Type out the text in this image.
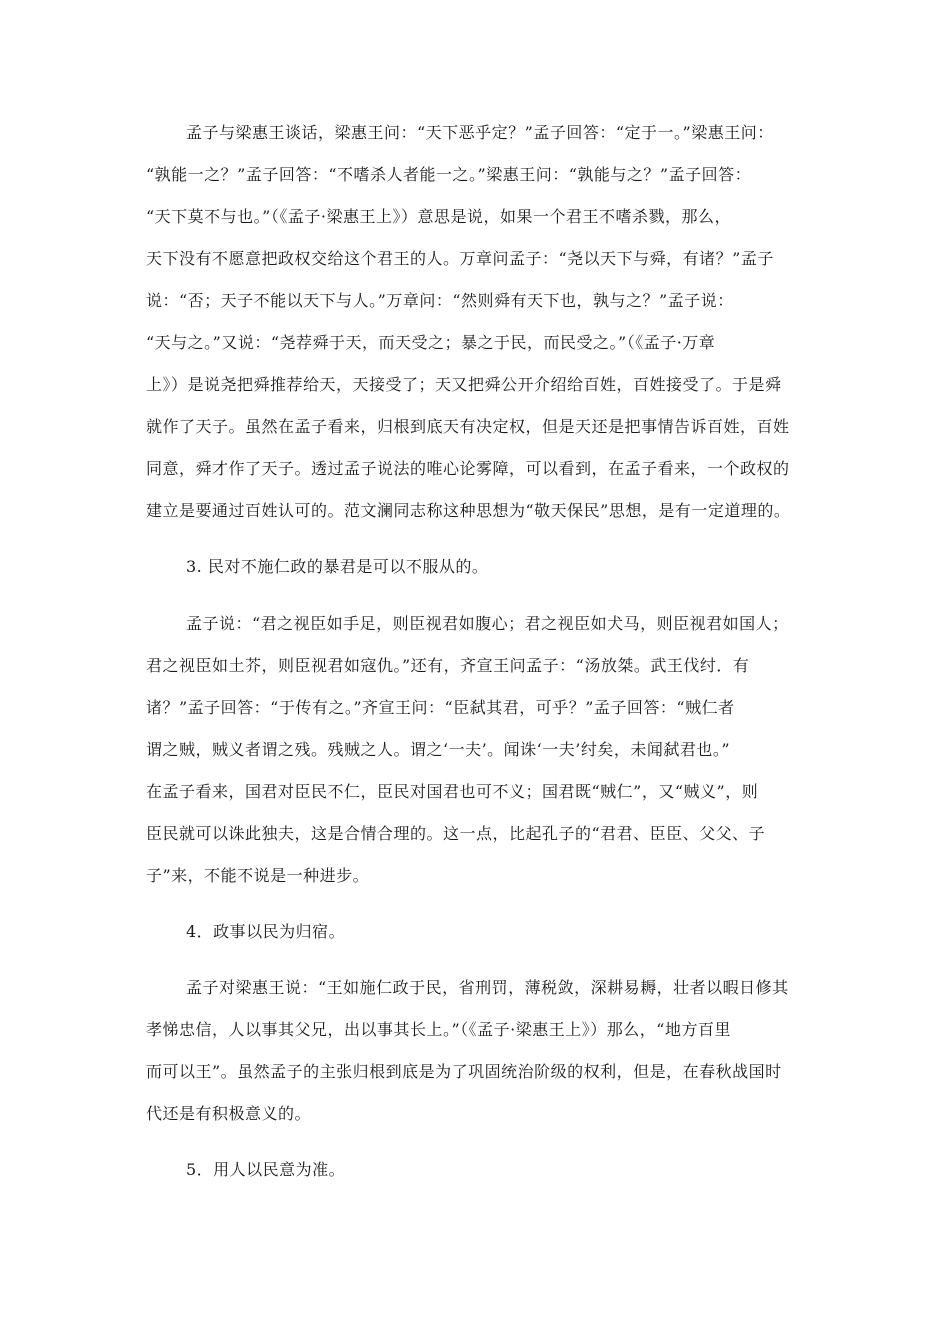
孟子与梁惠王谈话，梁惠王问：“天下恶乎定？”孟子回答：“定于一。”梁惠王问：
“孰能一之？”孟子回答：“不嗜杀人者能一之。”梁惠王问：“孰能与之？”孟子回答：
“天下莫不与也。”（《孟子·梁惠王上》）意思是说，如果一个君王不嗜杀戮，那么，
天下没有不愿意把政权交给这个君王的人。万章问孟子：“尧以天下与舜，有诸？”孟子
说：“否；天子不能以天下与人。”万章问：“然则舜有天下也，孰与之？”孟子说：
“天与之。”又说：“尧荐舜于天，而天受之；暴之于民，而民受之。”（《孟子·万章
上》）是说尧把舜推荐给天，天接受了；天又把舜公开介绍给百姓，百姓接受了。于是舜
就作了天子。虽然在孟子看来，归根到底天有决定权，但是天还是把事情告诉百姓，百姓
同意，舜才作了天子。透过孟子说法的唯心论雾障，可以看到，在孟子看来，一个政权的
建立是要通过百姓认可的。范文澜同志称这种思想为“敬天保民”思想，是有一定道理的。
3. 民对不施仁政的暴君是可以不服从的。
孟子说：“君之视臣如手足，则臣视君如腹心；君之视臣如犬马，则臣视君如国人；
君之视臣如土芥，则臣视君如寇仇。”还有，齐宣王问孟子：“汤放桀。武王伐纣．有
诸？”孟子回答：“于传有之。”齐宣王问：“臣弑其君，可乎？”孟子回答：“贼仁者
谓之贼，贼义者谓之残。残贼之人。谓之‘一夫’。闻诛‘一夫’纣矣，未闻弑君也。”
在孟子看来，国君对臣民不仁，臣民对国君也可不义；国君既“贼仁”，又“贼义”，则
臣民就可以诛此独夫，这是合情合理的。这一点，比起孔子的“君君、臣臣、父父、子
子”来，不能不说是一种进步。
4．政事以民为归宿。
孟子对梁惠王说：“王如施仁政于民，省刑罚，薄税敛，深耕易耨，壮者以暇日修其
孝悌忠信，人以事其父兄，出以事其长上。”（《孟子·梁惠王上》）那么，“地方百里
而可以王”。虽然孟子的主张归根到底是为了巩固统治阶级的权利，但是，在春秋战国时
代还是有积极意义的。
5．用人以民意为准。
